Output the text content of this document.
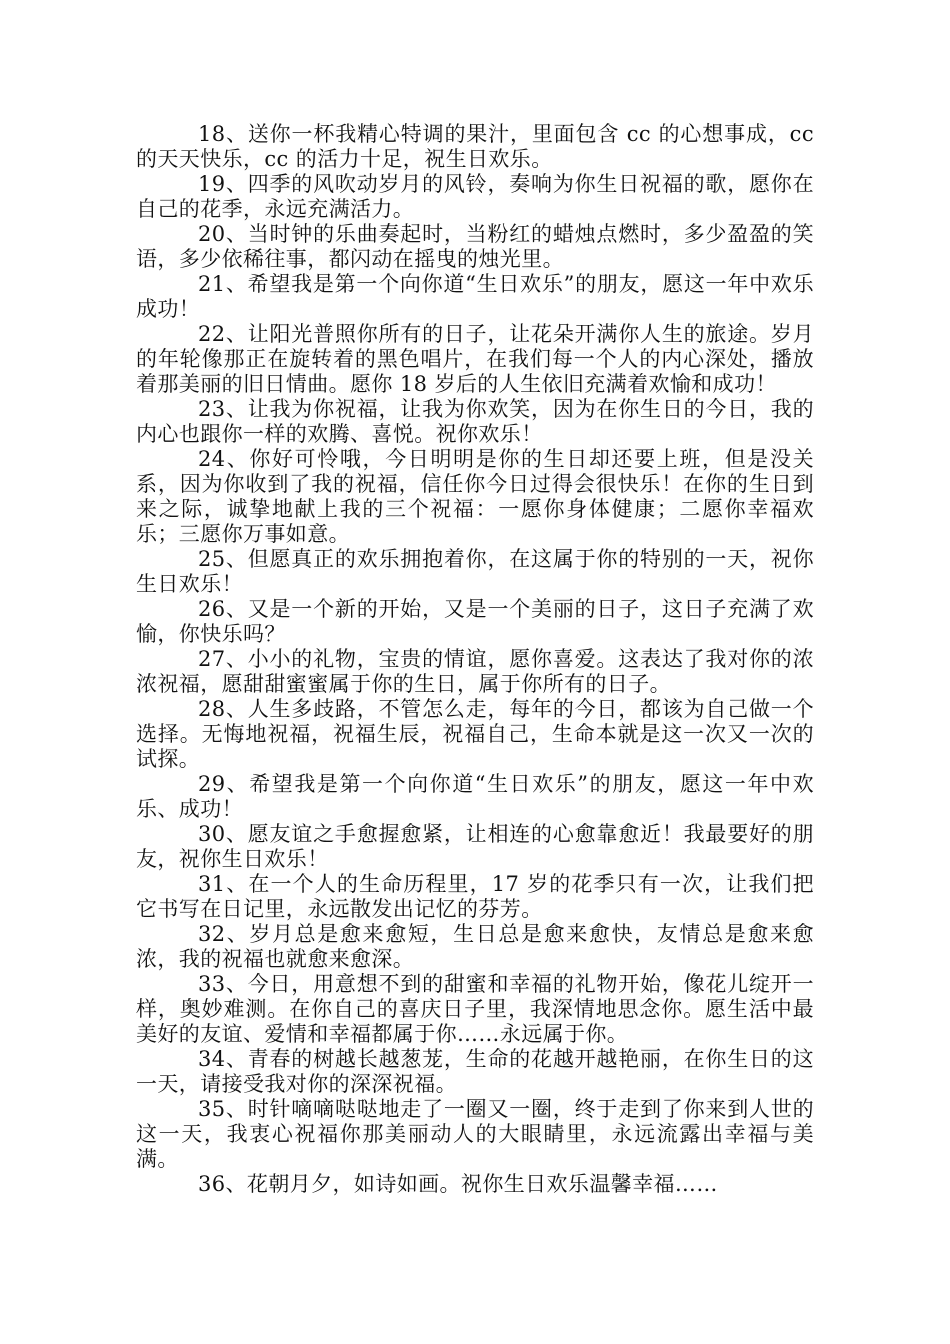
18、送你一杯我精心特调的果汁，里面包含 cc 的心想事成，cc 的天天快乐，cc 的活力十足，祝生日欢乐。

19、四季的风吹动岁月的风铃，奏响为你生日祝福的歌，愿你在自己的花季，永远充满活力。

20、当时钟的乐曲奏起时，当粉红的蜡烛点燃时，多少盈盈的笑语，多少依稀往事，都闪动在摇曳的烛光里。

21、希望我是第一个向你道“生日欢乐”的朋友，愿这一年中欢乐成功！

22、让阳光普照你所有的日子，让花朵开满你人生的旅途。岁月的年轮像那正在旋转着的黑色唱片，在我们每一个人的内心深处，播放着那美丽的旧日情曲。愿你 18 岁后的人生依旧充满着欢愉和成功！

23、让我为你祝福，让我为你欢笑，因为在你生日的今日，我的内心也跟你一样的欢腾、喜悦。祝你欢乐！

24、你好可怜哦，今日明明是你的生日却还要上班，但是没关系，因为你收到了我的祝福，信任你今日过得会很快乐！在你的生日到来之际，诚挚地献上我的三个祝福：一愿你身体健康；二愿你幸福欢乐；三愿你万事如意。

25、但愿真正的欢乐拥抱着你，在这属于你的特别的一天，祝你生日欢乐！

26、又是一个新的开始，又是一个美丽的日子，这日子充满了欢愉，你快乐吗？

27、小小的礼物，宝贵的情谊，愿你喜爱。这表达了我对你的浓浓祝福，愿甜甜蜜蜜属于你的生日，属于你所有的日子。

28、人生多歧路，不管怎么走，每年的今日，都该为自己做一个选择。无悔地祝福，祝福生辰，祝福自己，生命本就是这一次又一次的试探。

29、希望我是第一个向你道“生日欢乐”的朋友，愿这一年中欢乐、成功！

30、愿友谊之手愈握愈紧，让相连的心愈靠愈近！我最要好的朋友，祝你生日欢乐！

31、在一个人的生命历程里，17 岁的花季只有一次，让我们把它书写在日记里，永远散发出记忆的芬芳。

32、岁月总是愈来愈短，生日总是愈来愈快，友情总是愈来愈浓，我的祝福也就愈来愈深。

33、今日，用意想不到的甜蜜和幸福的礼物开始，像花儿绽开一样，奥妙难测。在你自己的喜庆日子里，我深情地思念你。愿生活中最美好的友谊、爱情和幸福都属于你……永远属于你。

34、青春的树越长越葱茏，生命的花越开越艳丽，在你生日的这一天，请接受我对你的深深祝福。

35、时针嘀嘀哒哒地走了一圈又一圈，终于走到了你来到人世的这一天，我衷心祝福你那美丽动人的大眼睛里，永远流露出幸福与美满。

36、花朝月夕，如诗如画。祝你生日欢乐温馨幸福……
